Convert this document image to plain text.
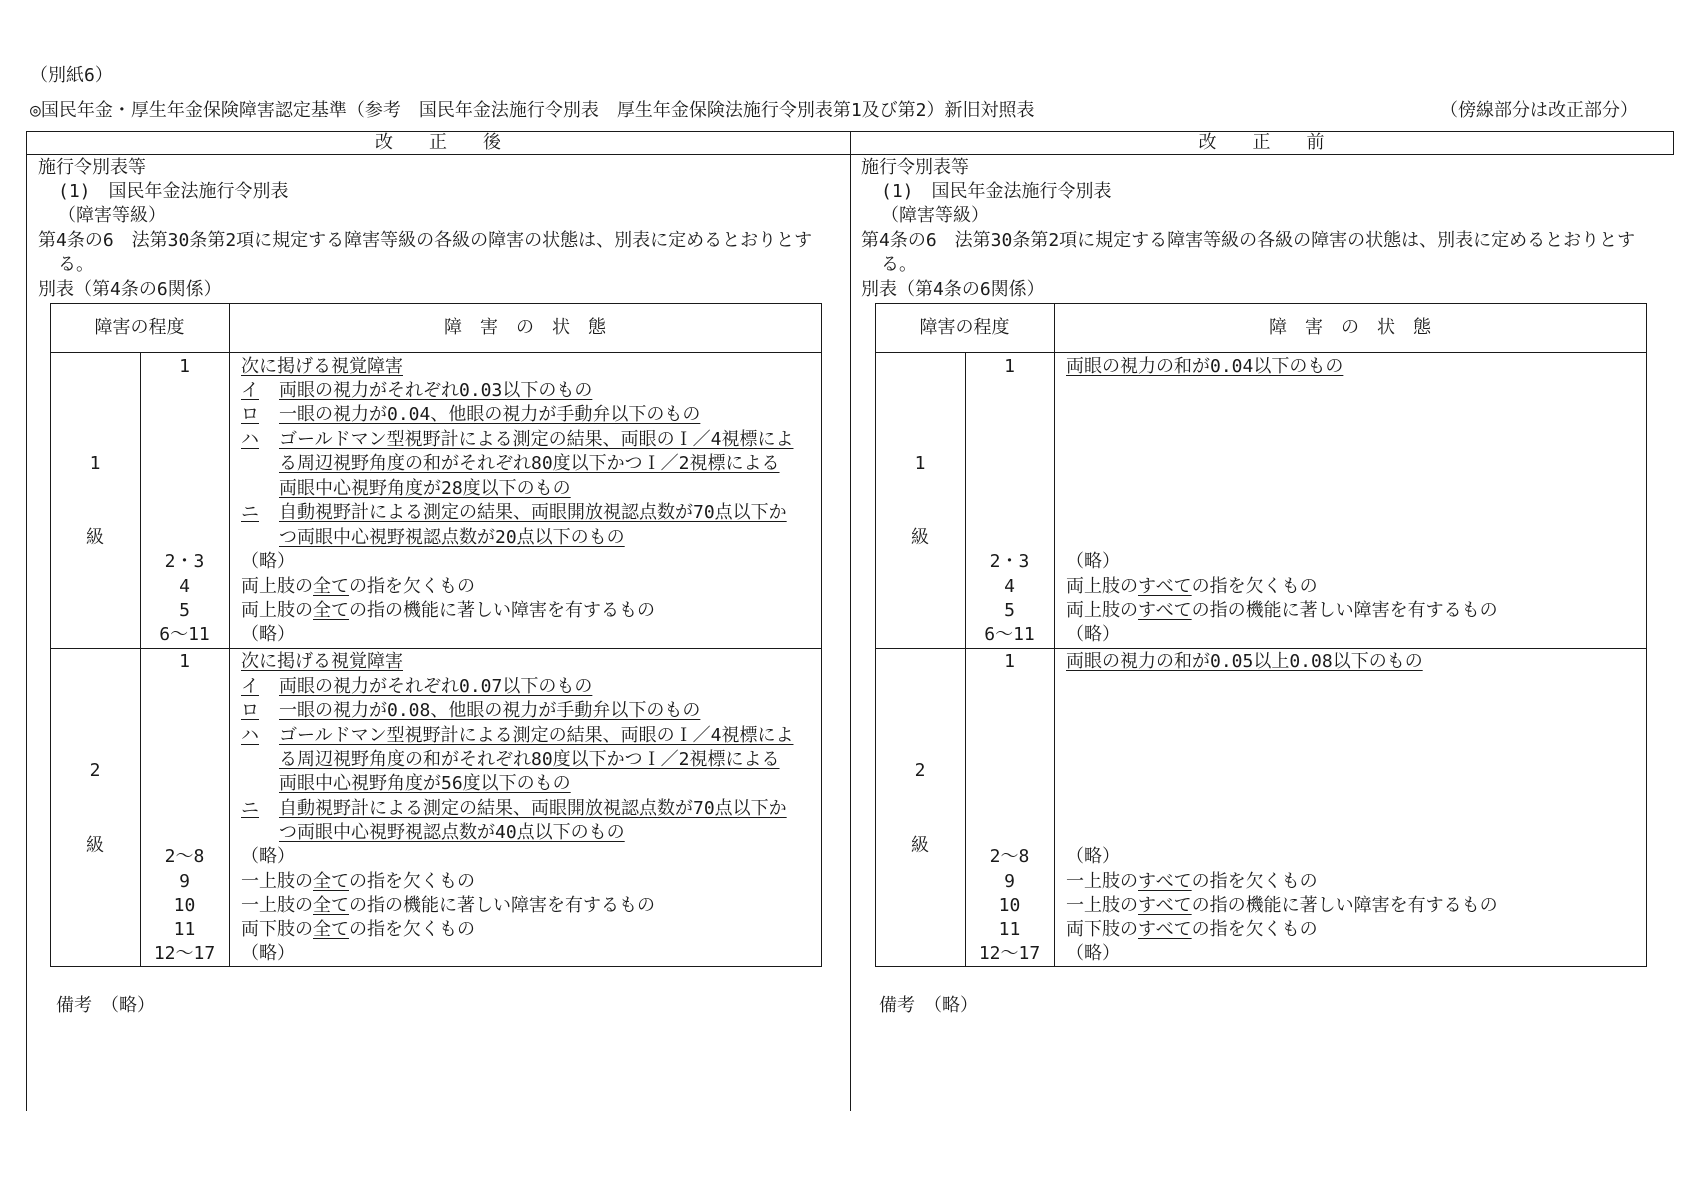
（別紙6）
◎国民年金・厚生年金保険障害認定基準（参考　国民年金法施行令別表　厚生年金保険法施行令別表第1及び第2）新旧対照表	（傍線部分は改正部分）
改　　正　　後	改　　正　　前
施行令別表等
(1)　国民年金法施行令別表
（障害等級）
第4条の6　法第30条第2項に規定する障害等級の各級の障害の状態は、別表に定めるとおりとす
る。
別表（第4条の6関係）
障害の程度	障　害　の　状　態
1
級
1	次に掲げる視覚障害
イ 両眼の視力がそれぞれ0.03以下のもの
ロ 一眼の視力が0.04、他眼の視力が手動弁以下のもの
ハ ゴールドマン型視野計による測定の結果、両眼のＩ／4視標によ
る周辺視野角度の和がそれぞれ80度以下かつＩ／2視標による
両眼中心視野角度が28度以下のもの
ニ 自動視野計による測定の結果、両眼開放視認点数が70点以下か
つ両眼中心視野視認点数が20点以下のもの
2・3	（略）
4	両上肢の全ての指を欠くもの
5	両上肢の全ての指の機能に著しい障害を有するもの
6～11	（略）
2
級
1	次に掲げる視覚障害
イ 両眼の視力がそれぞれ0.07以下のもの
ロ 一眼の視力が0.08、他眼の視力が手動弁以下のもの
ハ ゴールドマン型視野計による測定の結果、両眼のＩ／4視標によ
る周辺視野角度の和がそれぞれ80度以下かつＩ／2視標による
両眼中心視野角度が56度以下のもの
ニ 自動視野計による測定の結果、両眼開放視認点数が70点以下か
つ両眼中心視野視認点数が40点以下のもの
2～8	（略）
9	一上肢の全ての指を欠くもの
10	一上肢の全ての指の機能に著しい障害を有するもの
11	両下肢の全ての指を欠くもの
12～17	（略）
備考　（略）
施行令別表等
(1)　国民年金法施行令別表
（障害等級）
第4条の6　法第30条第2項に規定する障害等級の各級の障害の状態は、別表に定めるとおりとす
る。
別表（第4条の6関係）
障害の程度	障　害　の　状　態
1
級
1	両眼の視力の和が0.04以下のもの
2・3	（略）
4	両上肢のすべての指を欠くもの
5	両上肢のすべての指の機能に著しい障害を有するもの
6～11	（略）
2
級
1	両眼の視力の和が0.05以上0.08以下のもの
2～8	（略）
9	一上肢のすべての指を欠くもの
10	一上肢のすべての指の機能に著しい障害を有するもの
11	両下肢のすべての指を欠くもの
12～17	（略）
備考　（略）
